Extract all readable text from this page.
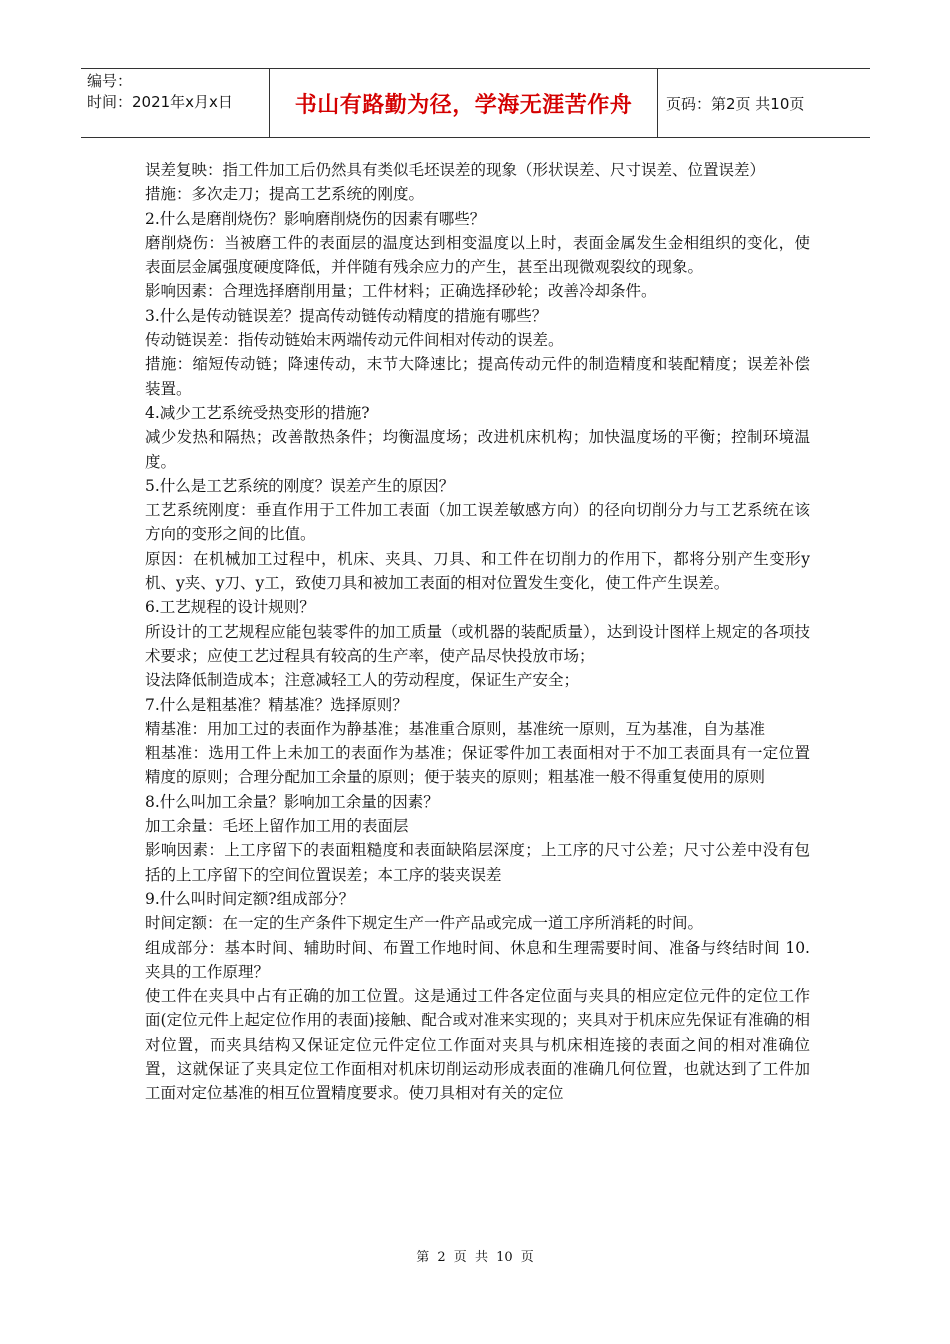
编号：
时间：2021年x月x日	书山有路勤为径，学海无涯苦作舟 页码：第2页 共10页

误差复映：指工件加工后仍然具有类似毛坯误差的现象（形状误差、尺寸误差、位置误差）

措施：多次走刀；提高工艺系统的刚度。

2.什么是磨削烧伤？影响磨削烧伤的因素有哪些？

磨削烧伤：当被磨工件的表面层的温度达到相变温度以上时，表面金属发生金相组织的变化，使表面层金属强度硬度降低，并伴随有残余应力的产生，甚至出现微观裂纹的现象。

影响因素：合理选择磨削用量；工件材料；正确选择砂轮；改善冷却条件。

3.什么是传动链误差？提高传动链传动精度的措施有哪些？

传动链误差：指传动链始末两端传动元件间相对传动的误差。

措施：缩短传动链；降速传动，末节大降速比；提高传动元件的制造精度和装配精度；误差补偿装置。

4.减少工艺系统受热变形的措施?

减少发热和隔热；改善散热条件；均衡温度场；改进机床机构；加快温度场的平衡；控制环境温度。

5.什么是工艺系统的刚度？误差产生的原因？

工艺系统刚度：垂直作用于工件加工表面（加工误差敏感方向）的径向切削分力与工艺系统在该方向的变形之间的比值。

原因：在机械加工过程中，机床、夹具、刀具、和工件在切削力的作用下，都将分别产生变形y机、y夹、y刀、y工，致使刀具和被加工表面的相对位置发生变化，使工件产生误差。

6.工艺规程的设计规则？

所设计的工艺规程应能包装零件的加工质量（或机器的装配质量），达到设计图样上规定的各项技术要求；应使工艺过程具有较高的生产率，使产品尽快投放市场；

设法降低制造成本；注意减轻工人的劳动程度，保证生产安全；

7.什么是粗基准？精基准？选择原则？

精基准：用加工过的表面作为静基准；基准重合原则，基准统一原则，互为基准，自为基准

粗基准：选用工件上未加工的表面作为基准；保证零件加工表面相对于不加工表面具有一定位置精度的原则；合理分配加工余量的原则；便于装夹的原则；粗基准一般不得重复使用的原则

8.什么叫加工余量？影响加工余量的因素？

加工余量：毛坯上留作加工用的表面层

影响因素：上工序留下的表面粗糙度和表面缺陷层深度；上工序的尺寸公差；尺寸公差中没有包括的上工序留下的空间位置误差；本工序的装夹误差

9.什么叫时间定额?组成部分？

时间定额：在一定的生产条件下规定生产一件产品或完成一道工序所消耗的时间。

组成部分：基本时间、辅助时间、布置工作地时间、休息和生理需要时间、准备与终结时间 10.夹具的工作原理？

使工件在夹具中占有正确的加工位置。这是通过工件各定位面与夹具的相应定位元件的定位工作面(定位元件上起定位作用的表面)接触、配合或对准来实现的；夹具对于机床应先保证有准确的相对位置，而夹具结构又保证定位元件定位工作面对夹具与机床相连接的表面之间的相对准确位置，这就保证了夹具定位工作面相对机床切削运动形成表面的准确几何位置，也就达到了工件加工面对定位基准的相互位置精度要求。使刀具相对有关的定位

第 2 页 共 10 页
